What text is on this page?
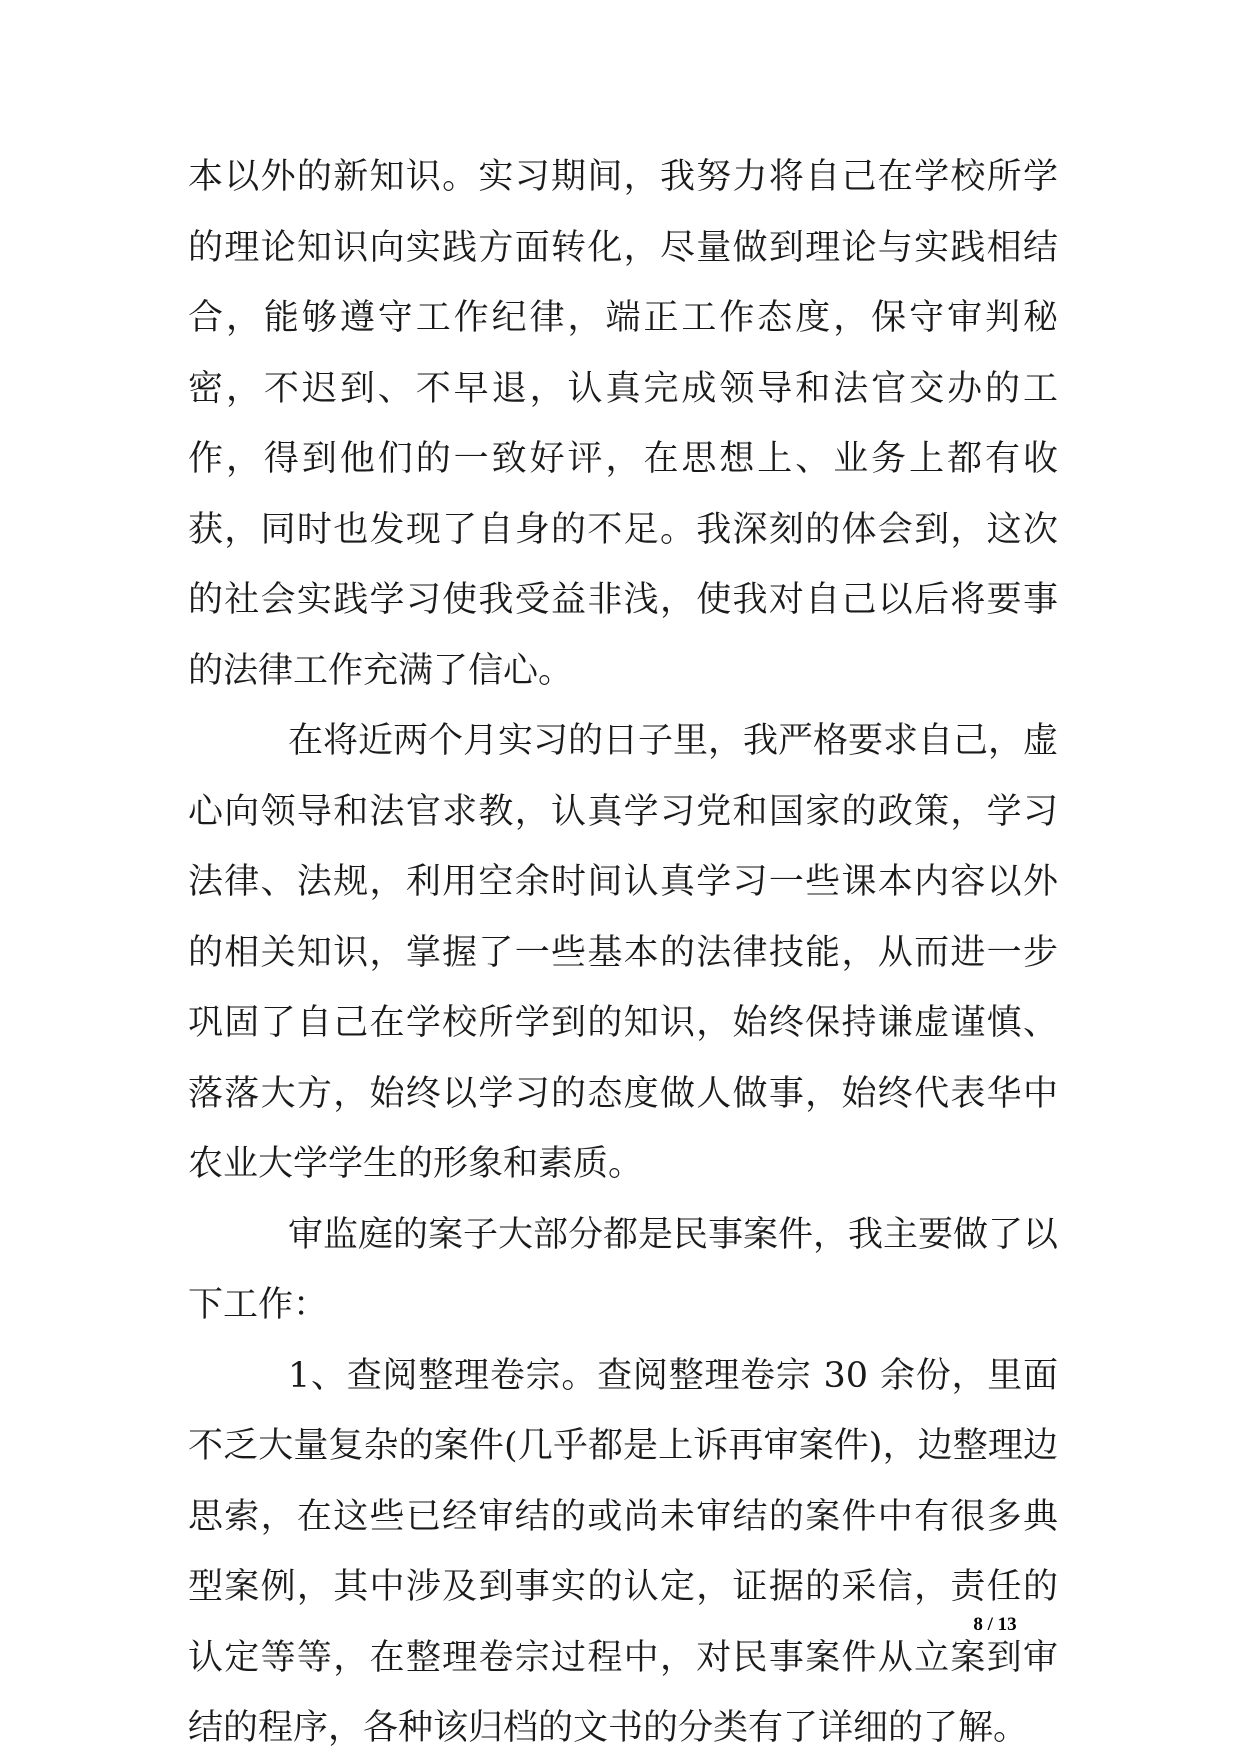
本以外的新知识。实习期间，我努力将自己在学校所学的理论知识向实践方面转化，尽量做到理论与实践相结合，能够遵守工作纪律，端正工作态度，保守审判秘密，不迟到、不早退，认真完成领导和法官交办的工作，得到他们的一致好评，在思想上、业务上都有收获，同时也发现了自身的不足。我深刻的体会到，这次的社会实践学习使我受益非浅，使我对自己以后将要事的法律工作充满了信心。

在将近两个月实习的日子里，我严格要求自己，虚心向领导和法官求教，认真学习党和国家的政策，学习法律、法规，利用空余时间认真学习一些课本内容以外的相关知识，掌握了一些基本的法律技能，从而进一步巩固了自己在学校所学到的知识，始终保持谦虚谨慎、落落大方，始终以学习的态度做人做事，始终代表华中农业大学学生的形象和素质。

审监庭的案子大部分都是民事案件，我主要做了以下工作：

1、查阅整理卷宗。查阅整理卷宗 30 余份，里面不乏大量复杂的案件(几乎都是上诉再审案件)，边整理边思索，在这些已经审结的或尚未审结的案件中有很多典型案例，其中涉及到事实的认定，证据的采信，责任的认定等等，在整理卷宗过程中，对民事案件从立案到审结的程序，各种该归档的文书的分类有了详细的了解。

8 / 13
